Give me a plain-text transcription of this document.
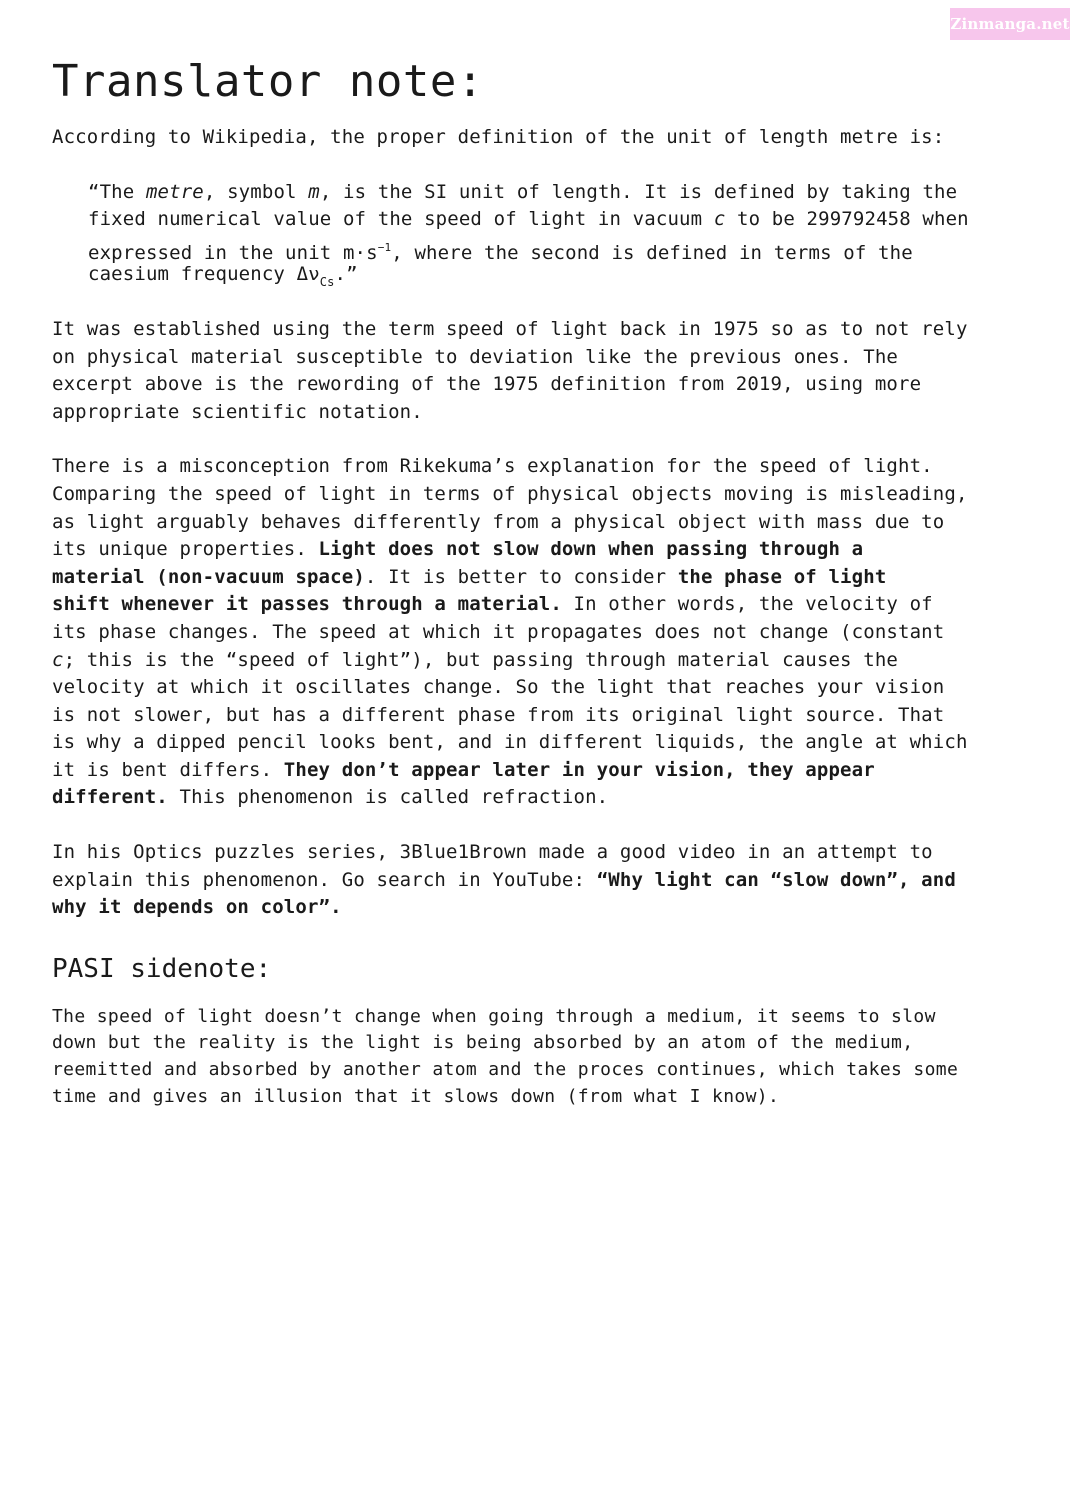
Zinmanga.net
Translator note:

According to Wikipedia, the proper definition of the unit of length metre is:

“The metre, symbol m, is the SI unit of length. It is defined by taking the
fixed numerical value of the speed of light in vacuum c to be 299792458 when
expressed in the unit $m\cdot s^{-1}$, where the second is defined in terms of the
caesium frequency $\Delta\nu_{Cs}$.”
It was established using the term speed of light back in 1975 so as to not rely
on physical material susceptible to deviation like the previous ones. The
excerpt above is the rewording of the 1975 definition from 2019, using more
appropriate scientific notation.
There is a misconception from Rikekuma’s explanation for the speed of light.
Comparing the speed of light in terms of physical objects moving is misleading,
as light arguably behaves differently from a physical object with mass due to
its unique properties. Light does not slow down when passing through a
material (non-vacuum space). It is better to consider the phase of light
shift whenever it passes through a material. In other words, the velocity of
its phase changes. The speed at which it propagates does not change (constant
c; this is the “speed of light”), but passing through material causes the
velocity at which it oscillates change. So the light that reaches your vision
is not slower, but has a different phase from its original light source. That
is why a dipped pencil looks bent, and in different liquids, the angle at which
it is bent differs. They don’t appear later in your vision, they appear
different. This phenomenon is called refraction.
In his Optics puzzles series, 3Blue1Brown made a good video in an attempt to
explain this phenomenon. Go search in YouTube: “Why light can “slow down”, and
why it depends on color”.
PASI sidenote:
The speed of light doesn’t change when going through a medium, it seems to slow
down but the reality is the light is being absorbed by an atom of the medium,
reemitted and absorbed by another atom and the proces continues, which takes some
time and gives an illusion that it slows down (from what I know).
